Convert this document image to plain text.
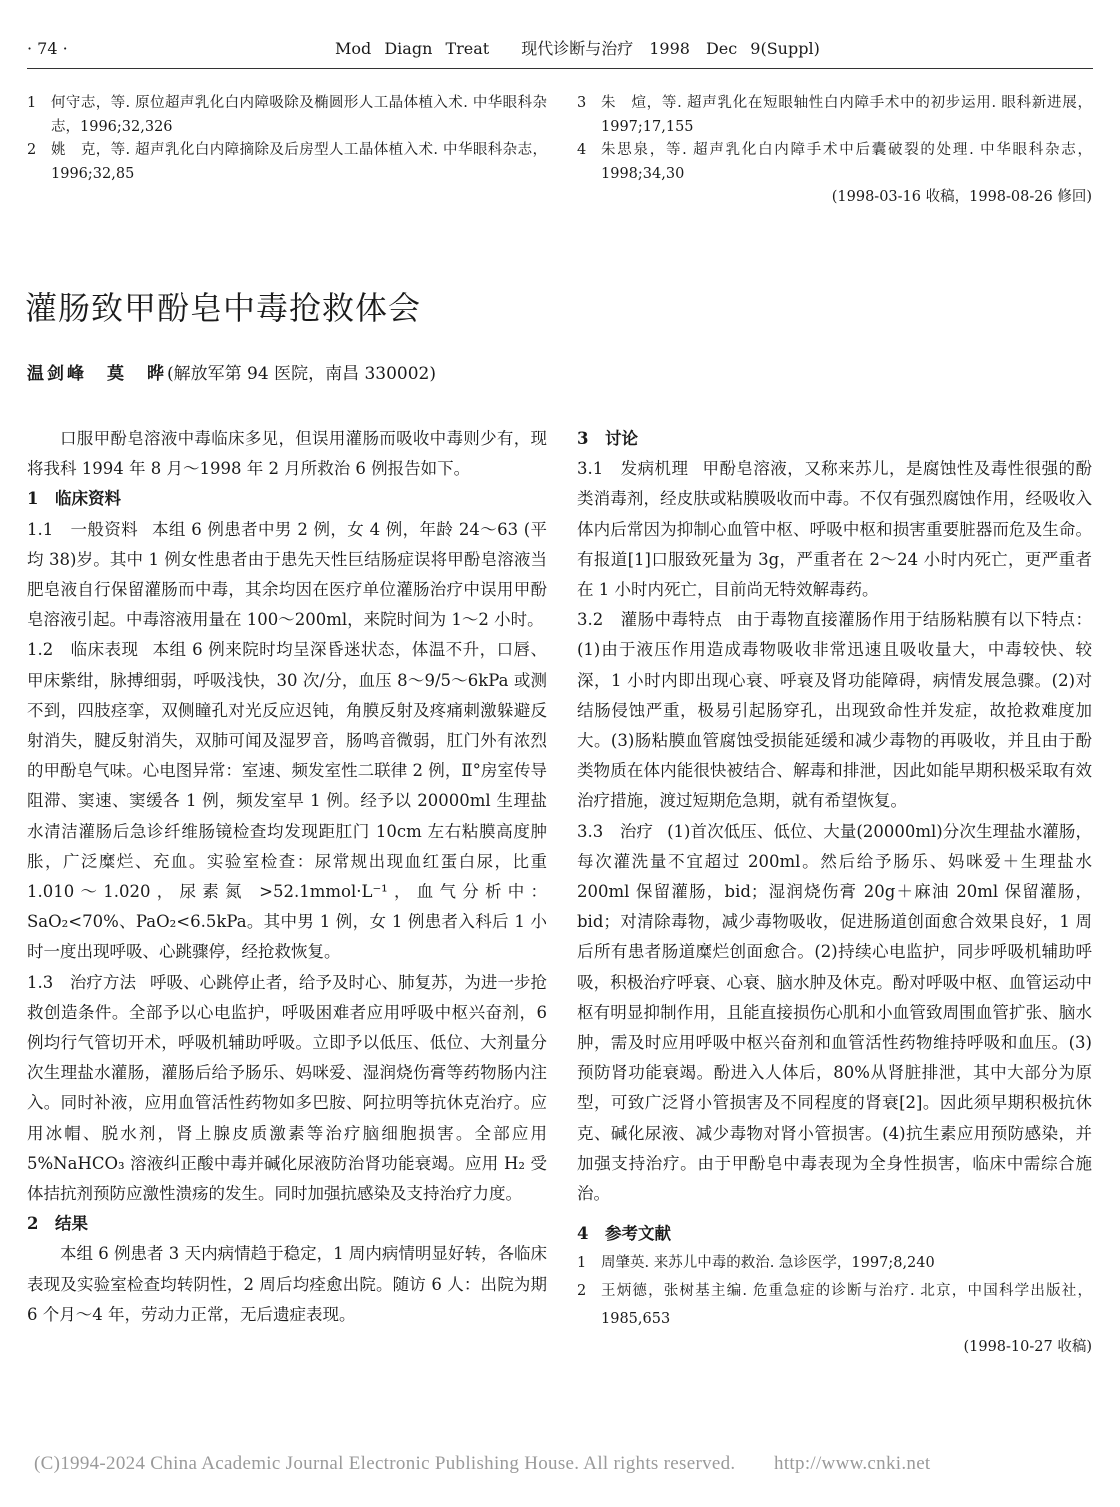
· 74 ·	Mod Diagn Treat　　现代诊断与治疗　1998　Dec 9(Suppl)
1 何守志，等. 原位超声乳化白内障吸除及椭圆形人工晶体植入术. 中华眼科杂志，1996;32,326
2 姚　克，等. 超声乳化白内障摘除及后房型人工晶体植入术. 中华眼科杂志，1996;32,85
3 朱　煊，等. 超声乳化在短眼轴性白内障手术中的初步运用. 眼科新进展，1997;17,155
4 朱思泉，等. 超声乳化白内障手术中后囊破裂的处理. 中华眼科杂志，1998;34,30
(1998-03-16 收稿，1998-08-26 修回)
灌肠致甲酚皂中毒抢救体会
温剑峰　莫　晔(解放军第 94 医院，南昌 330002)

口服甲酚皂溶液中毒临床多见，但误用灌肠而吸收中毒则少有，现将我科 1994 年 8 月～1998 年 2 月所救治 6 例报告如下。

1 临床资料

1.1　一般资料 本组 6 例患者中男 2 例，女 4 例，年龄 24～63 (平均 38)岁。其中 1 例女性患者由于患先天性巨结肠症误将甲酚皂溶液当肥皂液自行保留灌肠而中毒，其余均因在医疗单位灌肠治疗中误用甲酚皂溶液引起。中毒溶液用量在 100～200ml，来院时间为 1～2 小时。

1.2　临床表现 本组 6 例来院时均呈深昏迷状态，体温不升，口唇、甲床紫绀，脉搏细弱，呼吸浅快，30 次/分，血压 8～9/5～6kPa 或测不到，四肢痉挛，双侧瞳孔对光反应迟钝，角膜反射及疼痛刺激躲避反射消失，腱反射消失，双肺可闻及湿罗音，肠鸣音微弱，肛门外有浓烈的甲酚皂气味。心电图异常：室速、频发室性二联律 2 例，Ⅱ°房室传导阻滞、窦速、窦缓各 1 例，频发室早 1 例。经予以 20000ml 生理盐水清洁灌肠后急诊纤维肠镜检查均发现距肛门 10cm 左右粘膜高度肿胀，广泛糜烂、充血。实验室检查：尿常规出现血红蛋白尿，比重 1.010～1.020，尿素氮 >52.1mmol·L⁻¹，血气分析中：SaO₂<70%、PaO₂<6.5kPa。其中男 1 例，女 1 例患者入科后 1 小时一度出现呼吸、心跳骤停，经抢救恢复。

1.3　治疗方法 呼吸、心跳停止者，给予及时心、肺复苏，为进一步抢救创造条件。全部予以心电监护，呼吸困难者应用呼吸中枢兴奋剂，6 例均行气管切开术，呼吸机辅助呼吸。立即予以低压、低位、大剂量分次生理盐水灌肠，灌肠后给予肠乐、妈咪爱、湿润烧伤膏等药物肠内注入。同时补液，应用血管活性药物如多巴胺、阿拉明等抗休克治疗。应用冰帽、脱水剂，肾上腺皮质激素等治疗脑细胞损害。全部应用 5%NaHCO₃ 溶液纠正酸中毒并碱化尿液防治肾功能衰竭。应用 H₂ 受体拮抗剂预防应激性溃疡的发生。同时加强抗感染及支持治疗力度。

2 结果

本组 6 例患者 3 天内病情趋于稳定，1 周内病情明显好转，各临床表现及实验室检查均转阴性，2 周后均痊愈出院。随访 6 人：出院为期 6 个月～4 年，劳动力正常，无后遗症表现。

3 讨论

3.1　发病机理 甲酚皂溶液，又称来苏儿，是腐蚀性及毒性很强的酚类消毒剂，经皮肤或粘膜吸收而中毒。不仅有强烈腐蚀作用，经吸收入体内后常因为抑制心血管中枢、呼吸中枢和损害重要脏器而危及生命。有报道[1]口服致死量为 3g，严重者在 2～24 小时内死亡，更严重者在 1 小时内死亡，目前尚无特效解毒药。

3.2　灌肠中毒特点 由于毒物直接灌肠作用于结肠粘膜有以下特点：(1)由于液压作用造成毒物吸收非常迅速且吸收量大，中毒较快、较深，1 小时内即出现心衰、呼衰及肾功能障碍，病情发展急骤。(2)对结肠侵蚀严重，极易引起肠穿孔，出现致命性并发症，故抢救难度加大。(3)肠粘膜血管腐蚀受损能延缓和减少毒物的再吸收，并且由于酚类物质在体内能很快被结合、解毒和排泄，因此如能早期积极采取有效治疗措施，渡过短期危急期，就有希望恢复。

3.3　治疗 (1)首次低压、低位、大量(20000ml)分次生理盐水灌肠，每次灌洗量不宜超过 200ml。然后给予肠乐、妈咪爱＋生理盐水 200ml 保留灌肠，bid；湿润烧伤膏 20g＋麻油 20ml 保留灌肠，bid；对清除毒物，减少毒物吸收，促进肠道创面愈合效果良好，1 周后所有患者肠道糜烂创面愈合。(2)持续心电监护，同步呼吸机辅助呼吸，积极治疗呼衰、心衰、脑水肿及休克。酚对呼吸中枢、血管运动中枢有明显抑制作用，且能直接损伤心肌和小血管致周围血管扩张、脑水肿，需及时应用呼吸中枢兴奋剂和血管活性药物维持呼吸和血压。(3)预防肾功能衰竭。酚进入人体后，80%从肾脏排泄，其中大部分为原型，可致广泛肾小管损害及不同程度的肾衰[2]。因此须早期积极抗休克、碱化尿液、减少毒物对肾小管损害。(4)抗生素应用预防感染，并加强支持治疗。由于甲酚皂中毒表现为全身性损害，临床中需综合施治。

4 参考文献

1 周肇英. 来苏儿中毒的救治. 急诊医学，1997;8,240
2 王炳德，张树基主编. 危重急症的诊断与治疗. 北京，中国科学出版社，1985,653
(1998-10-27 收稿)
(C)1994-2024 China Academic Journal Electronic Publishing House. All rights reserved.　　http://www.cnki.net
